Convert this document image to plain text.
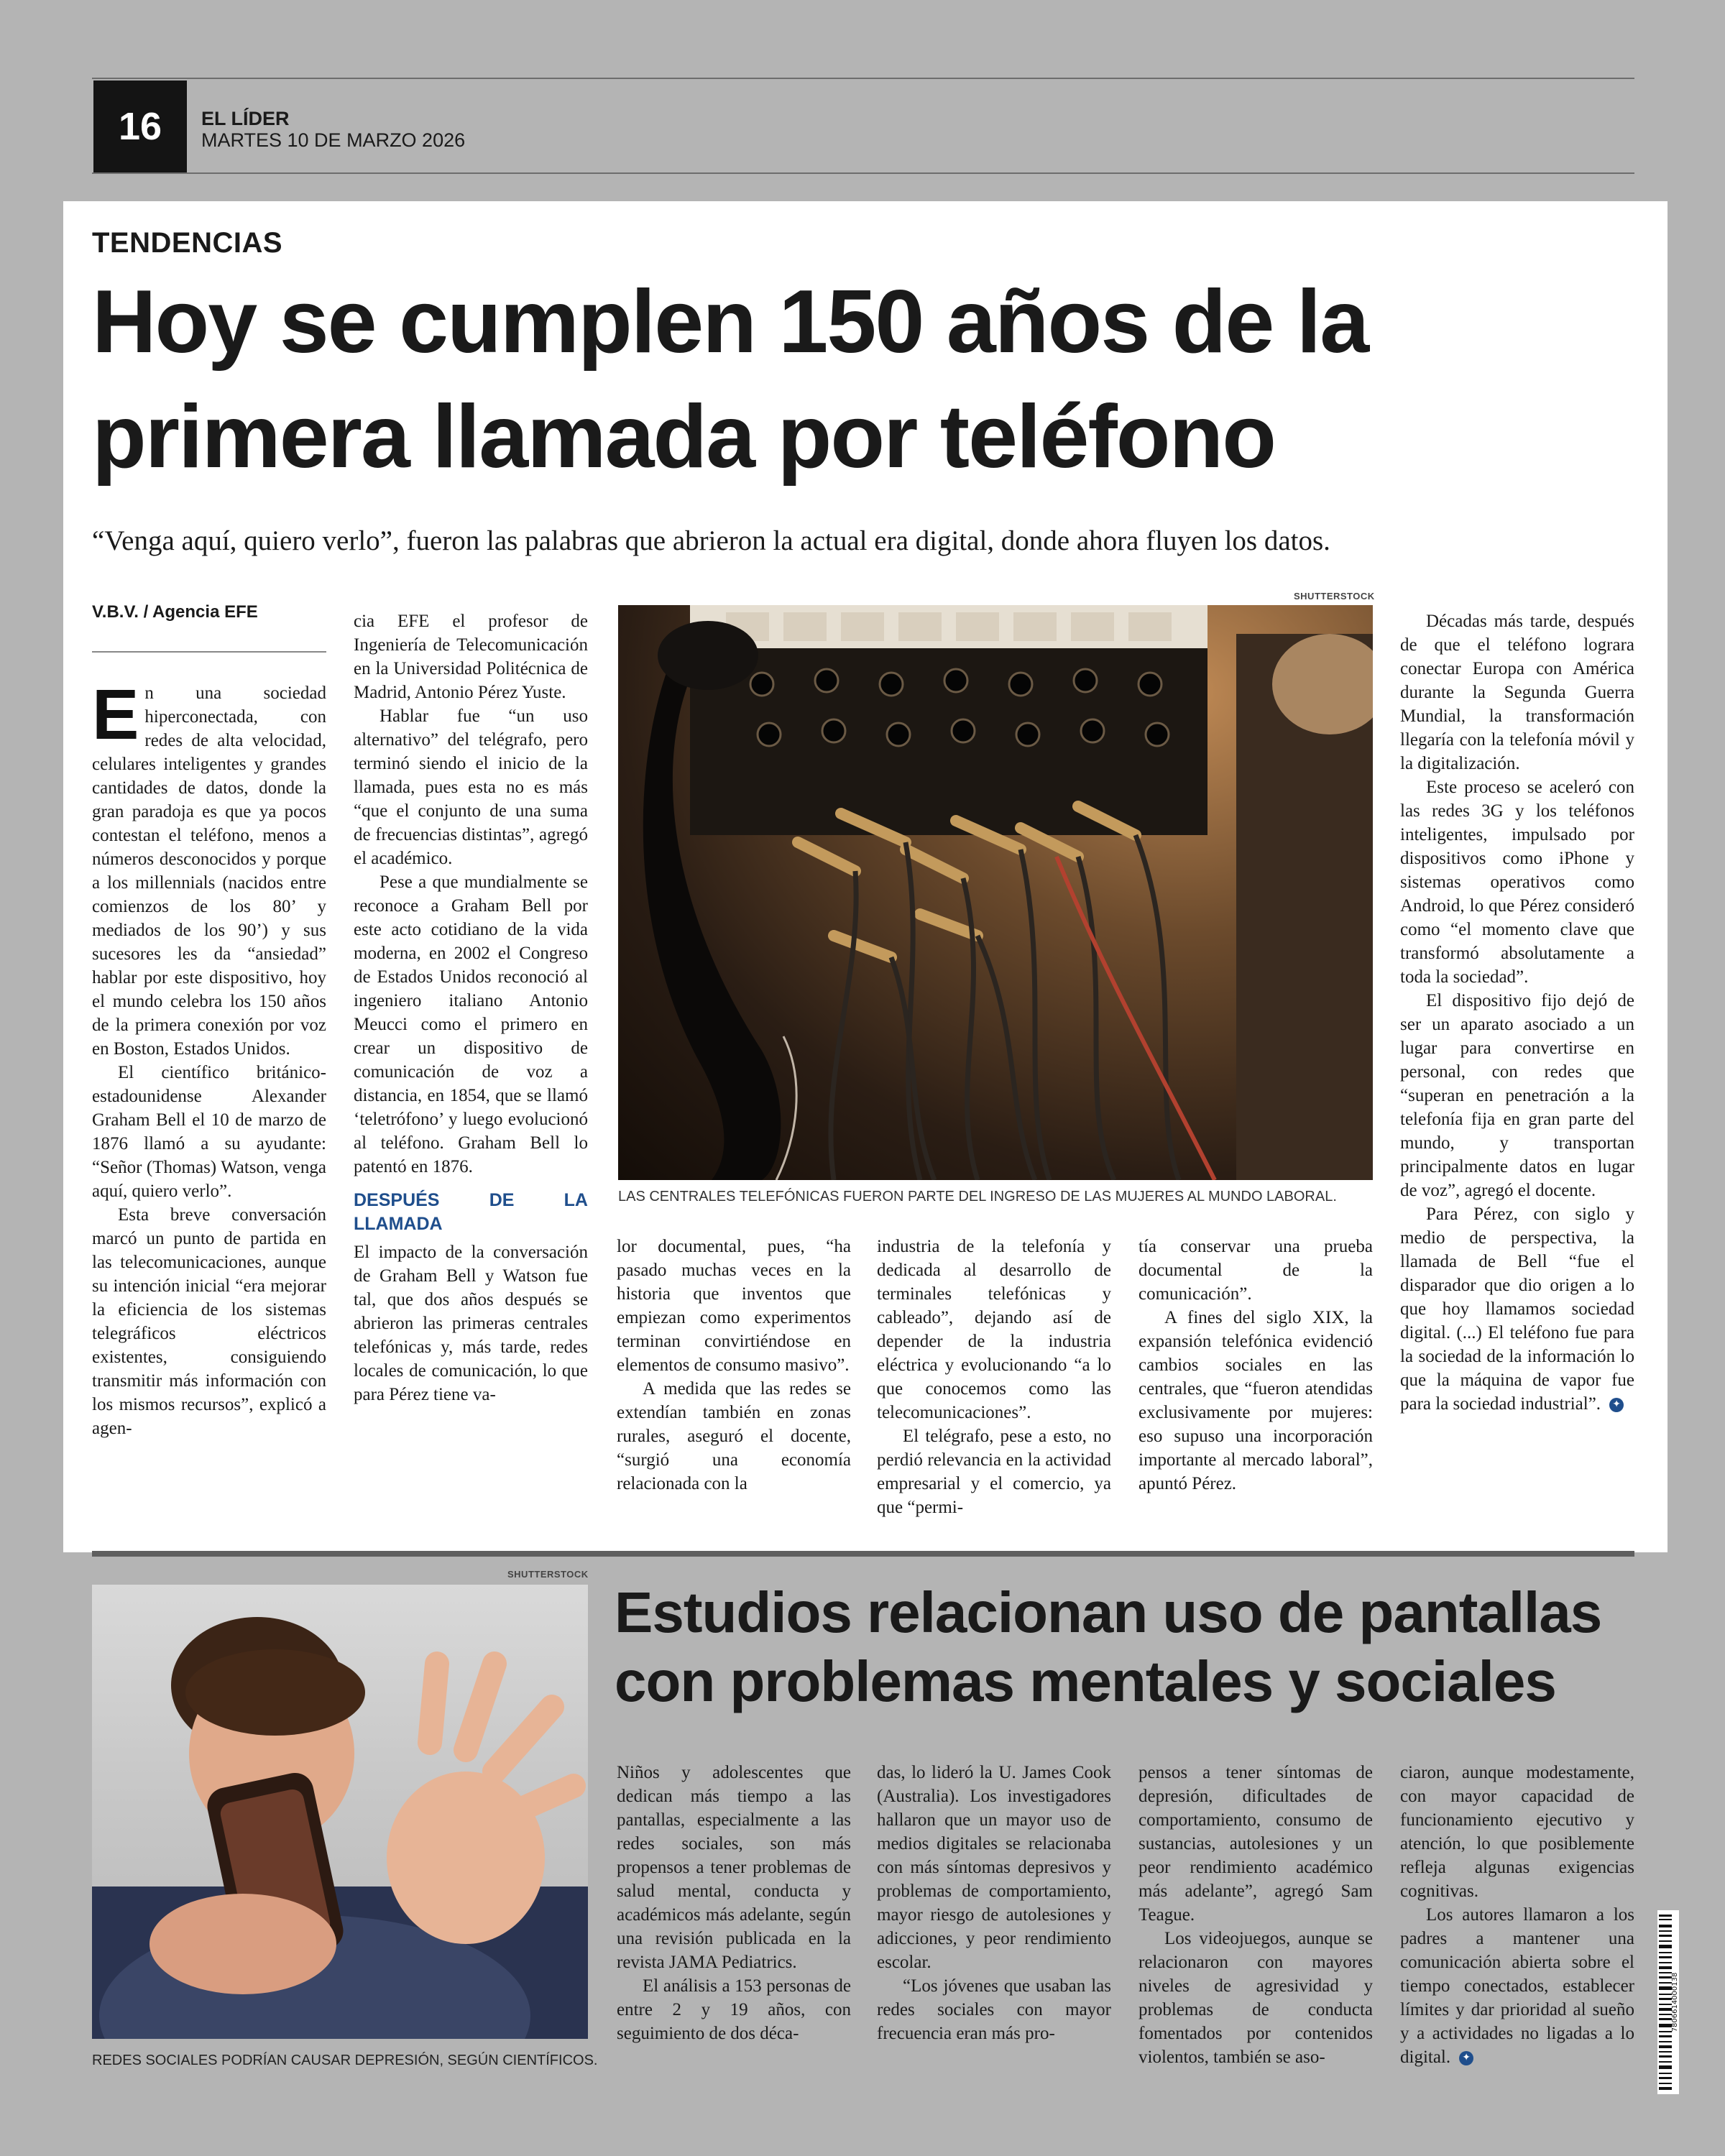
16	EL LÍDER
MARTES 10 DE MARZO 2026
TENDENCIAS
Hoy se cumplen 150 años de la primera llamada por teléfono
“Venga aquí, quiero verlo”, fueron las palabras que abrieron la actual era digital, donde ahora fluyen los datos.
V.B.V. / Agencia EFE

En una sociedad hiperconectada, con redes de alta velocidad, celulares inteligentes y grandes cantidades de datos, donde la gran paradoja es que ya pocos contestan el teléfono, menos a números desconocidos y porque a los millennials (nacidos entre comienzos de los 80’ y mediados de los 90’) y sus sucesores les da “ansiedad” hablar por este dispositivo, hoy el mundo celebra los 150 años de la primera conexión por voz en Boston, Estados Unidos.

El científico británico-estadounidense Alexander Graham Bell el 10 de marzo de 1876 llamó a su ayudante: “Señor (Thomas) Watson, venga aquí, quiero verlo”.

Esta breve conversación marcó un punto de partida en las telecomunicaciones, aunque su intención inicial “era mejorar la eficiencia de los sistemas telegráficos eléctricos existentes, consiguiendo transmitir más información con los mismos recursos”, explicó a agen-

cia EFE el profesor de Ingeniería de Telecomunicación en la Universidad Politécnica de Madrid, Antonio Pérez Yuste.

Hablar fue “un uso alternativo” del telégrafo, pero terminó siendo el inicio de la llamada, pues esta no es más “que el conjunto de una suma de frecuencias distintas”, agregó el académico.

Pese a que mundialmente se reconoce a Graham Bell por este acto cotidiano de la vida moderna, en 2002 el Congreso de Estados Unidos reconoció al ingeniero italiano Antonio Meucci como el primero en crear un dispositivo de comunicación de voz a distancia, en 1854, que se llamó ‘teletrófono’ y luego evolucionó al teléfono. Graham Bell lo patentó en 1876.

DESPUÉS DE LA LLAMADA

El impacto de la conversación de Graham Bell y Watson fue tal, que dos años después se abrieron las primeras centrales telefónicas y, más tarde, redes locales de comunicación, lo que para Pérez tiene va-

SHUTTERSTOCK
LAS CENTRALES TELEFÓNICAS FUERON PARTE DEL INGRESO DE LAS MUJERES AL MUNDO LABORAL.

lor documental, pues, “ha pasado muchas veces en la historia que inventos que empiezan como experimentos terminan convirtiéndose en elementos de consumo masivo”.

A medida que las redes se extendían también en zonas rurales, aseguró el docente, “surgió una economía relacionada con la

industria de la telefonía y dedicada al desarrollo de terminales telefónicas y cableado”, dejando así de depender de la industria eléctrica y evolucionando “a lo que conocemos como las telecomunicaciones”.

El telégrafo, pese a esto, no perdió relevancia en la actividad empresarial y el comercio, ya que “permi-

tía conservar una prueba documental de la comunicación”.

A fines del siglo XIX, la expansión telefónica evidenció cambios sociales en las centrales, que “fueron atendidas exclusivamente por mujeres: eso supuso una incorporación importante al mercado laboral”, apuntó Pérez.

Décadas más tarde, después de que el teléfono lograra conectar Europa con América durante la Segunda Guerra Mundial, la transformación llegaría con la telefonía móvil y la digitalización.

Este proceso se aceleró con las redes 3G y los teléfonos inteligentes, impulsado por dispositivos como iPhone y sistemas operativos como Android, lo que Pérez consideró como “el momento clave que transformó absolutamente a toda la sociedad”.

El dispositivo fijo dejó de ser un aparato asociado a un lugar para convertirse en personal, con redes que “superan en penetración a la telefonía fija en gran parte del mundo, y transportan principalmente datos en lugar de voz”, agregó el docente.

Para Pérez, con siglo y medio de perspectiva, la llamada de Bell “fue el disparador que dio origen a lo que hoy llamamos sociedad digital. (...) El teléfono fue para la sociedad de la información lo que la máquina de vapor fue para la sociedad industrial”. ✦

SHUTTERSTOCK
REDES SOCIALES PODRÍAN CAUSAR DEPRESIÓN, SEGÚN CIENTÍFICOS.
Estudios relacionan uso de pantallas con problemas mentales y sociales

Niños y adolescentes que dedican más tiempo a las pantallas, especialmente a las redes sociales, son más propensos a tener problemas de salud mental, conducta y académicos más adelante, según una revisión publicada en la revista JAMA Pediatrics.

El análisis a 153 personas de entre 2 y 19 años, con seguimiento de dos déca-

das, lo lideró la U. James Cook (Australia). Los investigadores hallaron que un mayor uso de medios digitales se relacionaba con más síntomas depresivos y problemas de comportamiento, mayor riesgo de autolesiones y adicciones, y peor rendimiento escolar.

“Los jóvenes que usaban las redes sociales con mayor frecuencia eran más pro-

pensos a tener síntomas de depresión, dificultades de comportamiento, consumo de sustancias, autolesiones y un peor rendimiento académico más adelante”, agregó Sam Teague.

Los videojuegos, aunque se relacionaron con mayores niveles de agresividad y problemas de conducta fomentados por contenidos violentos, también se aso-

ciaron, aunque modestamente, con mayor capacidad de funcionamiento ejecutivo y atención, lo que posiblemente refleja algunas exigencias cognitivas.

Los autores llamaron a los padres a mantener una comunicación abierta sobre el tiempo conectados, establecer límites y dar prioridad al sueño y a actividades no ligadas a lo digital. ✦

7806614000138
